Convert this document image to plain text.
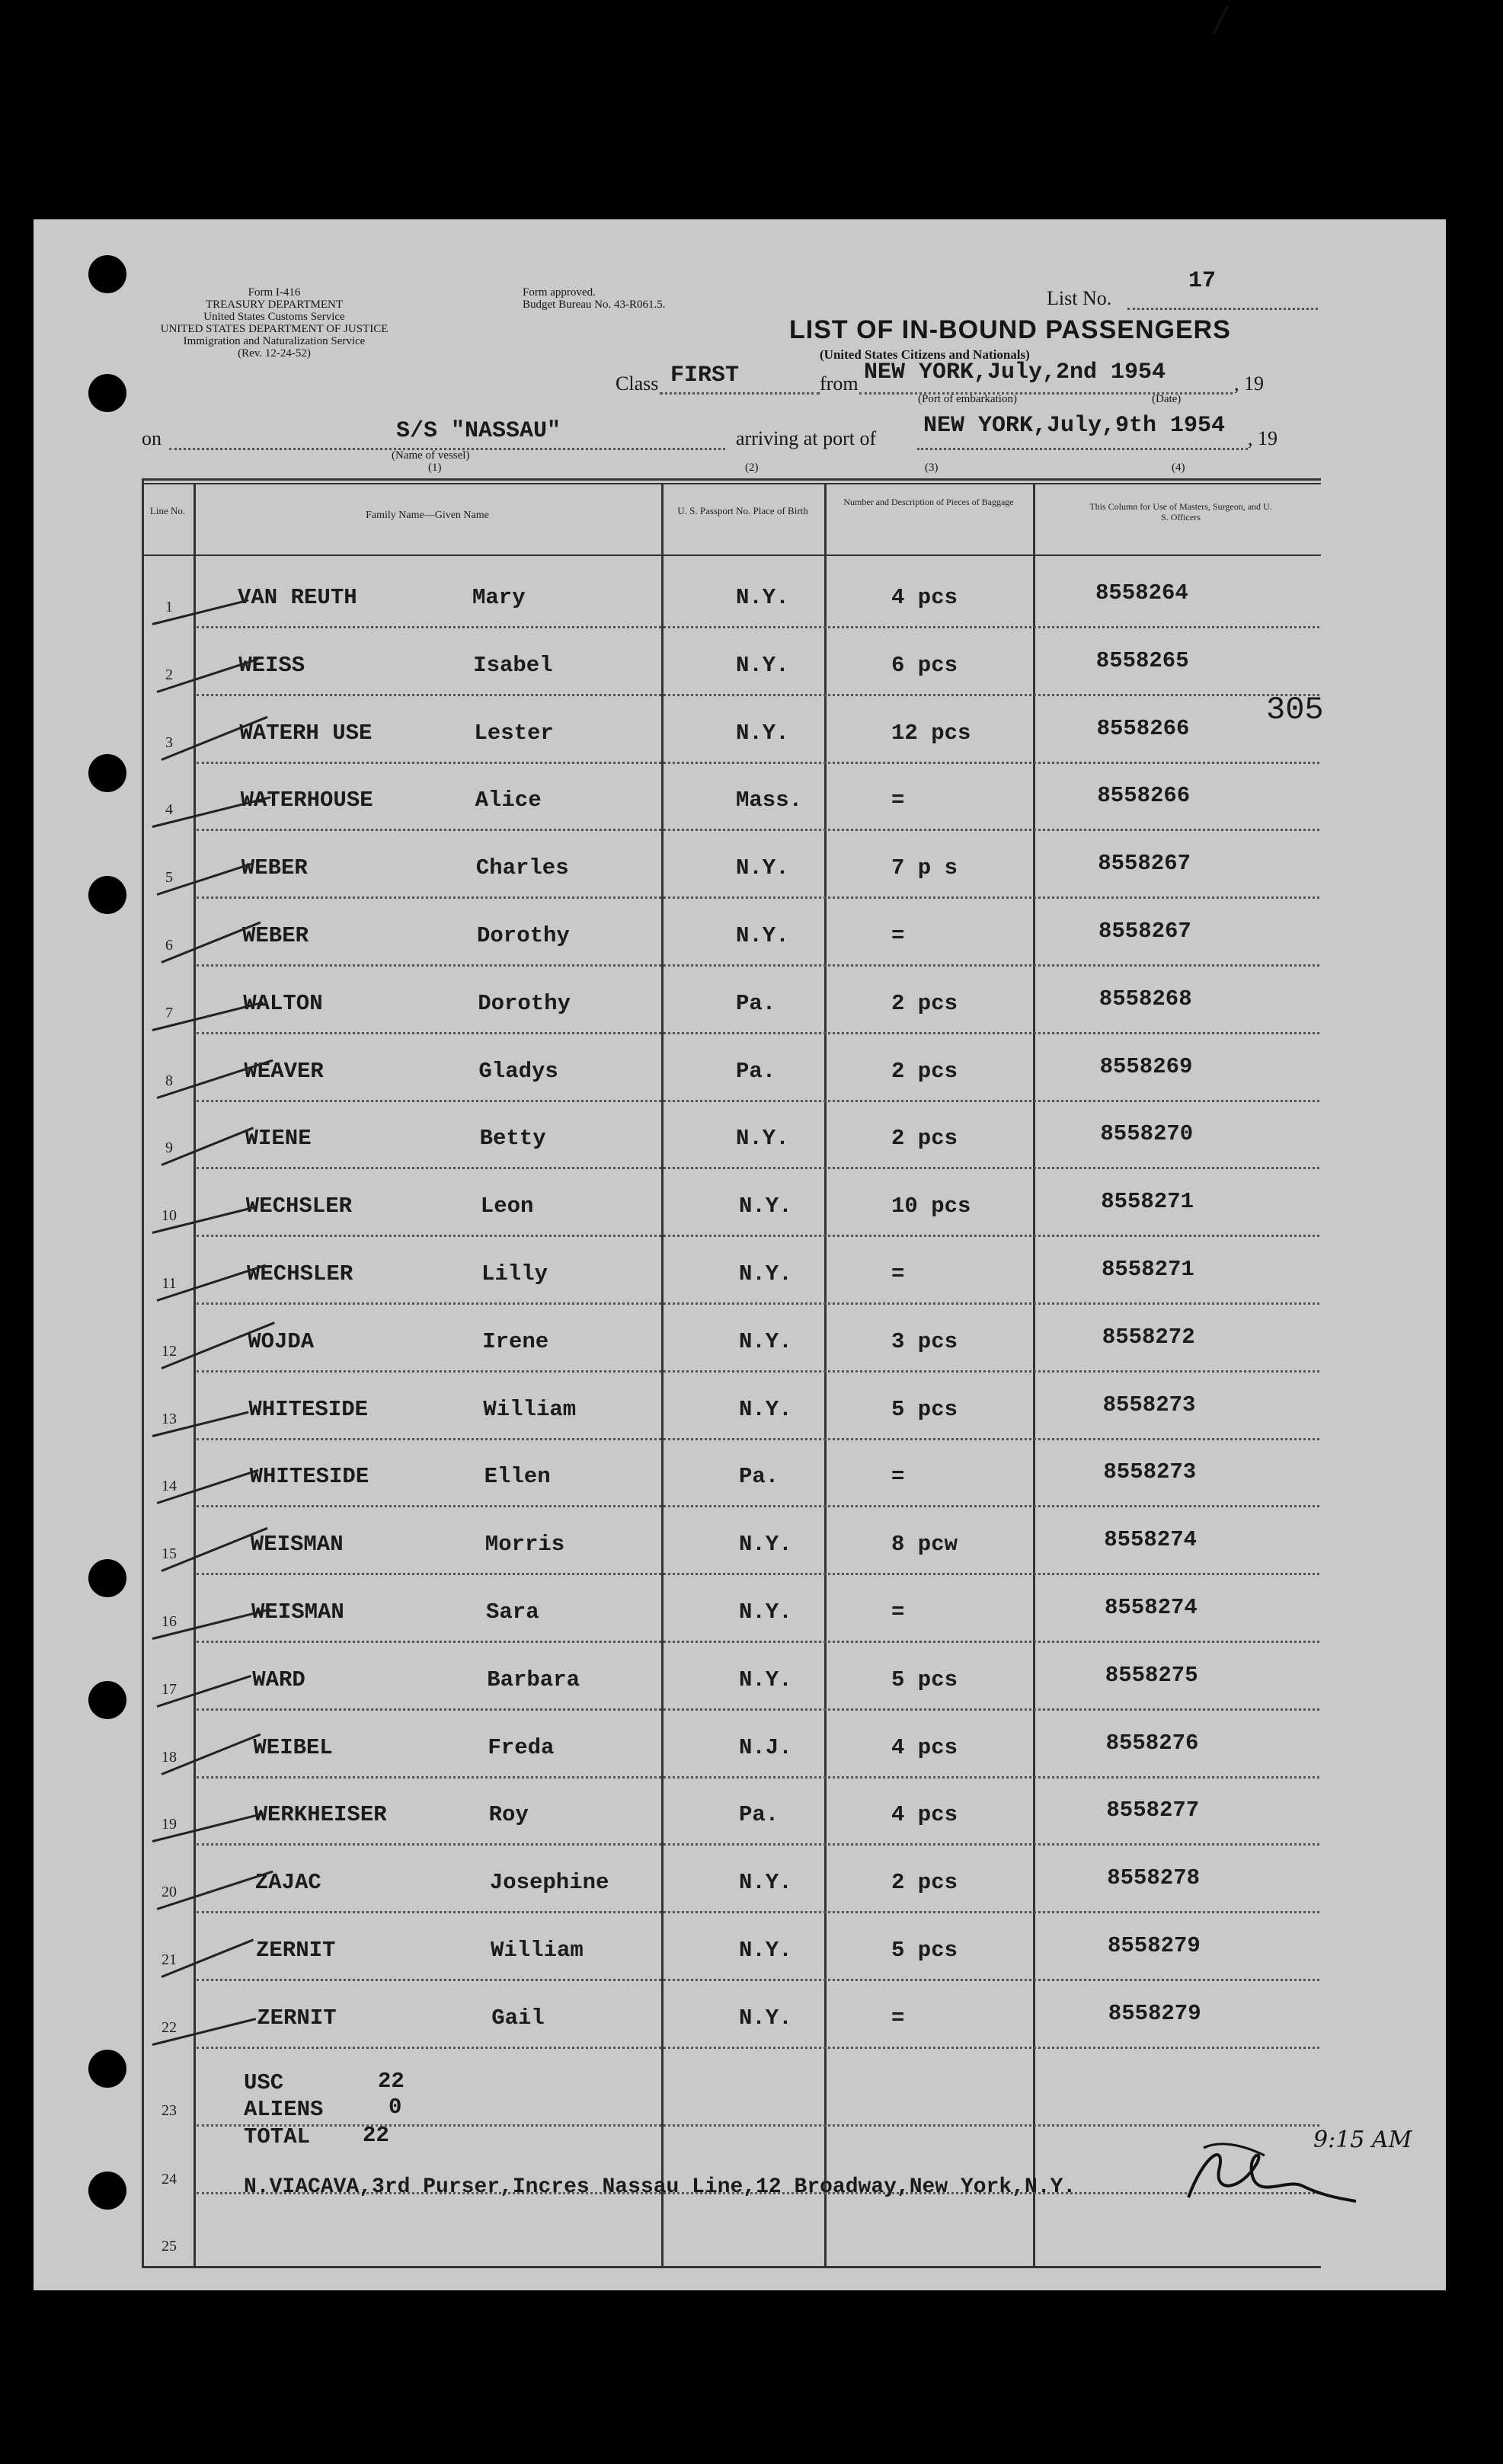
/
Form I-416
TREASURY DEPARTMENT
United States Customs Service
UNITED STATES DEPARTMENT OF JUSTICE
Immigration and Naturalization Service
(Rev. 12-24-52)
Form approved.
Budget Bureau No. 43-R061.5.	List No.
17
LIST OF IN-BOUND PASSENGERS
(United States Citizens and Nationals)
Class FIRST	from NEW YORK,July,2nd 1954	, 19
(Port of embarkation)	(Date)
on	S/S "NASSAU"	arriving at port of NEW YORK,July,9th 1954 , 19
(Name of vessel)
(1)	(2)	(3)	(4)
305
Line No.	Family Name—Given Name	U. S. Passport No. Place of Birth
Number and Description of Pieces of Baggage	This Column for Use of Masters, Surgeon, and U. S. Officers
1	VAN REUTH	Mary	N.Y.	4 pcs	8558264
2	WEISS	Isabel	N.Y.	6 pcs	8558265
3	WATERH USE	Lester	N.Y.	12 pcs	8558266
4	WATERHOUSE	Alice	Mass.	=	8558266
5	WEBER	Charles	N.Y.	7 p s	8558267
6	WEBER	Dorothy	N.Y.	=	8558267
7	WALTON	Dorothy	Pa.	2 pcs	8558268
8	WEAVER	Gladys	Pa.	2 pcs	8558269
9	WIENE	Betty	N.Y.	2 pcs	8558270
10	WECHSLER	Leon	N.Y.	10 pcs	8558271
11	WECHSLER	Lilly	N.Y.	=	8558271
12	WOJDA	Irene	N.Y.	3 pcs	8558272
13	WHITESIDE	William	N.Y.	5 pcs	8558273
14	WHITESIDE	Ellen	Pa.	=	8558273
15	WEISMAN	Morris	N.Y.	8 pcw	8558274
16	WEISMAN	Sara	N.Y.	=	8558274
17	WARD	Barbara	N.Y.	5 pcs	8558275
18	WEIBEL	Freda	N.J.	4 pcs	8558276
19	WERKHEISER	Roy	Pa.	4 pcs	8558277
20	ZAJAC	Josephine	N.Y.	2 pcs	8558278
21	ZERNIT	William	N.Y.	5 pcs	8558279
22	ZERNIT	Gail	N.Y.	=	8558279
23
24
25
USC	22
ALIENS	0
TOTAL 22
N.VIACAVA,3rd Purser,Incres Nassau Line,12 Broadway,New York,N.Y.
9:15 AM
